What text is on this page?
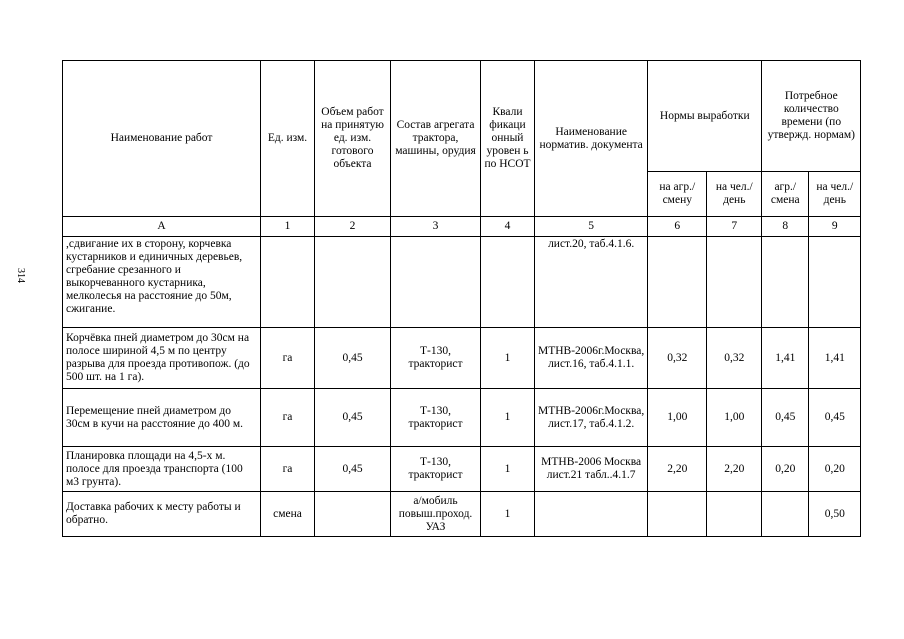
314
Наименование работ	Ед. изм.	Объем работ на принятую ед. изм. готового объекта	Состав агрегата трактора, машины, орудия	Квали фикаци онный уровен ь по НСОТ	Наименование норматив. документа	Нормы выработки		Потребное количество времени (по утвержд. нормам)	
						на агр./ смену	на чел./ день	агр./ смена	на чел./ день
А	1	2	3	4	5	6	7	8	9
,сдвигание их в сторону, корчевка кустарников и единичных деревьев, сгребание срезанного и выкорчеванного кустарника, мелколесья на расстояние до 50м, сжигание.					лист.20, таб.4.1.6.				
Корчёвка пней диаметром до 30см на полосе шириной 4,5 м по центру разрыва для проезда противопож. (до 500 шт. на 1 га).	га	0,45	Т-130, тракторист	1	МТНВ-2006г.Москва, лист.16, таб.4.1.1.	0,32	0,32	1,41	1,41
Перемещение пней диаметром до 30см в кучи на расстояние до 400 м.	га	0,45	Т-130, тракторист	1	МТНВ-2006г.Москва, лист.17, таб.4.1.2.	1,00	1,00	0,45	0,45
Планировка площади на 4,5-х м. полосе для проезда транспорта (100 м3 грунта).	га	0,45	Т-130, тракторист	1	МТНВ-2006 Москва лист.21 табл..4.1.7	2,20	2,20	0,20	0,20
Доставка рабочих к месту работы и обратно.	смена		а/мобиль повыш.проход. УАЗ	1					0,50
